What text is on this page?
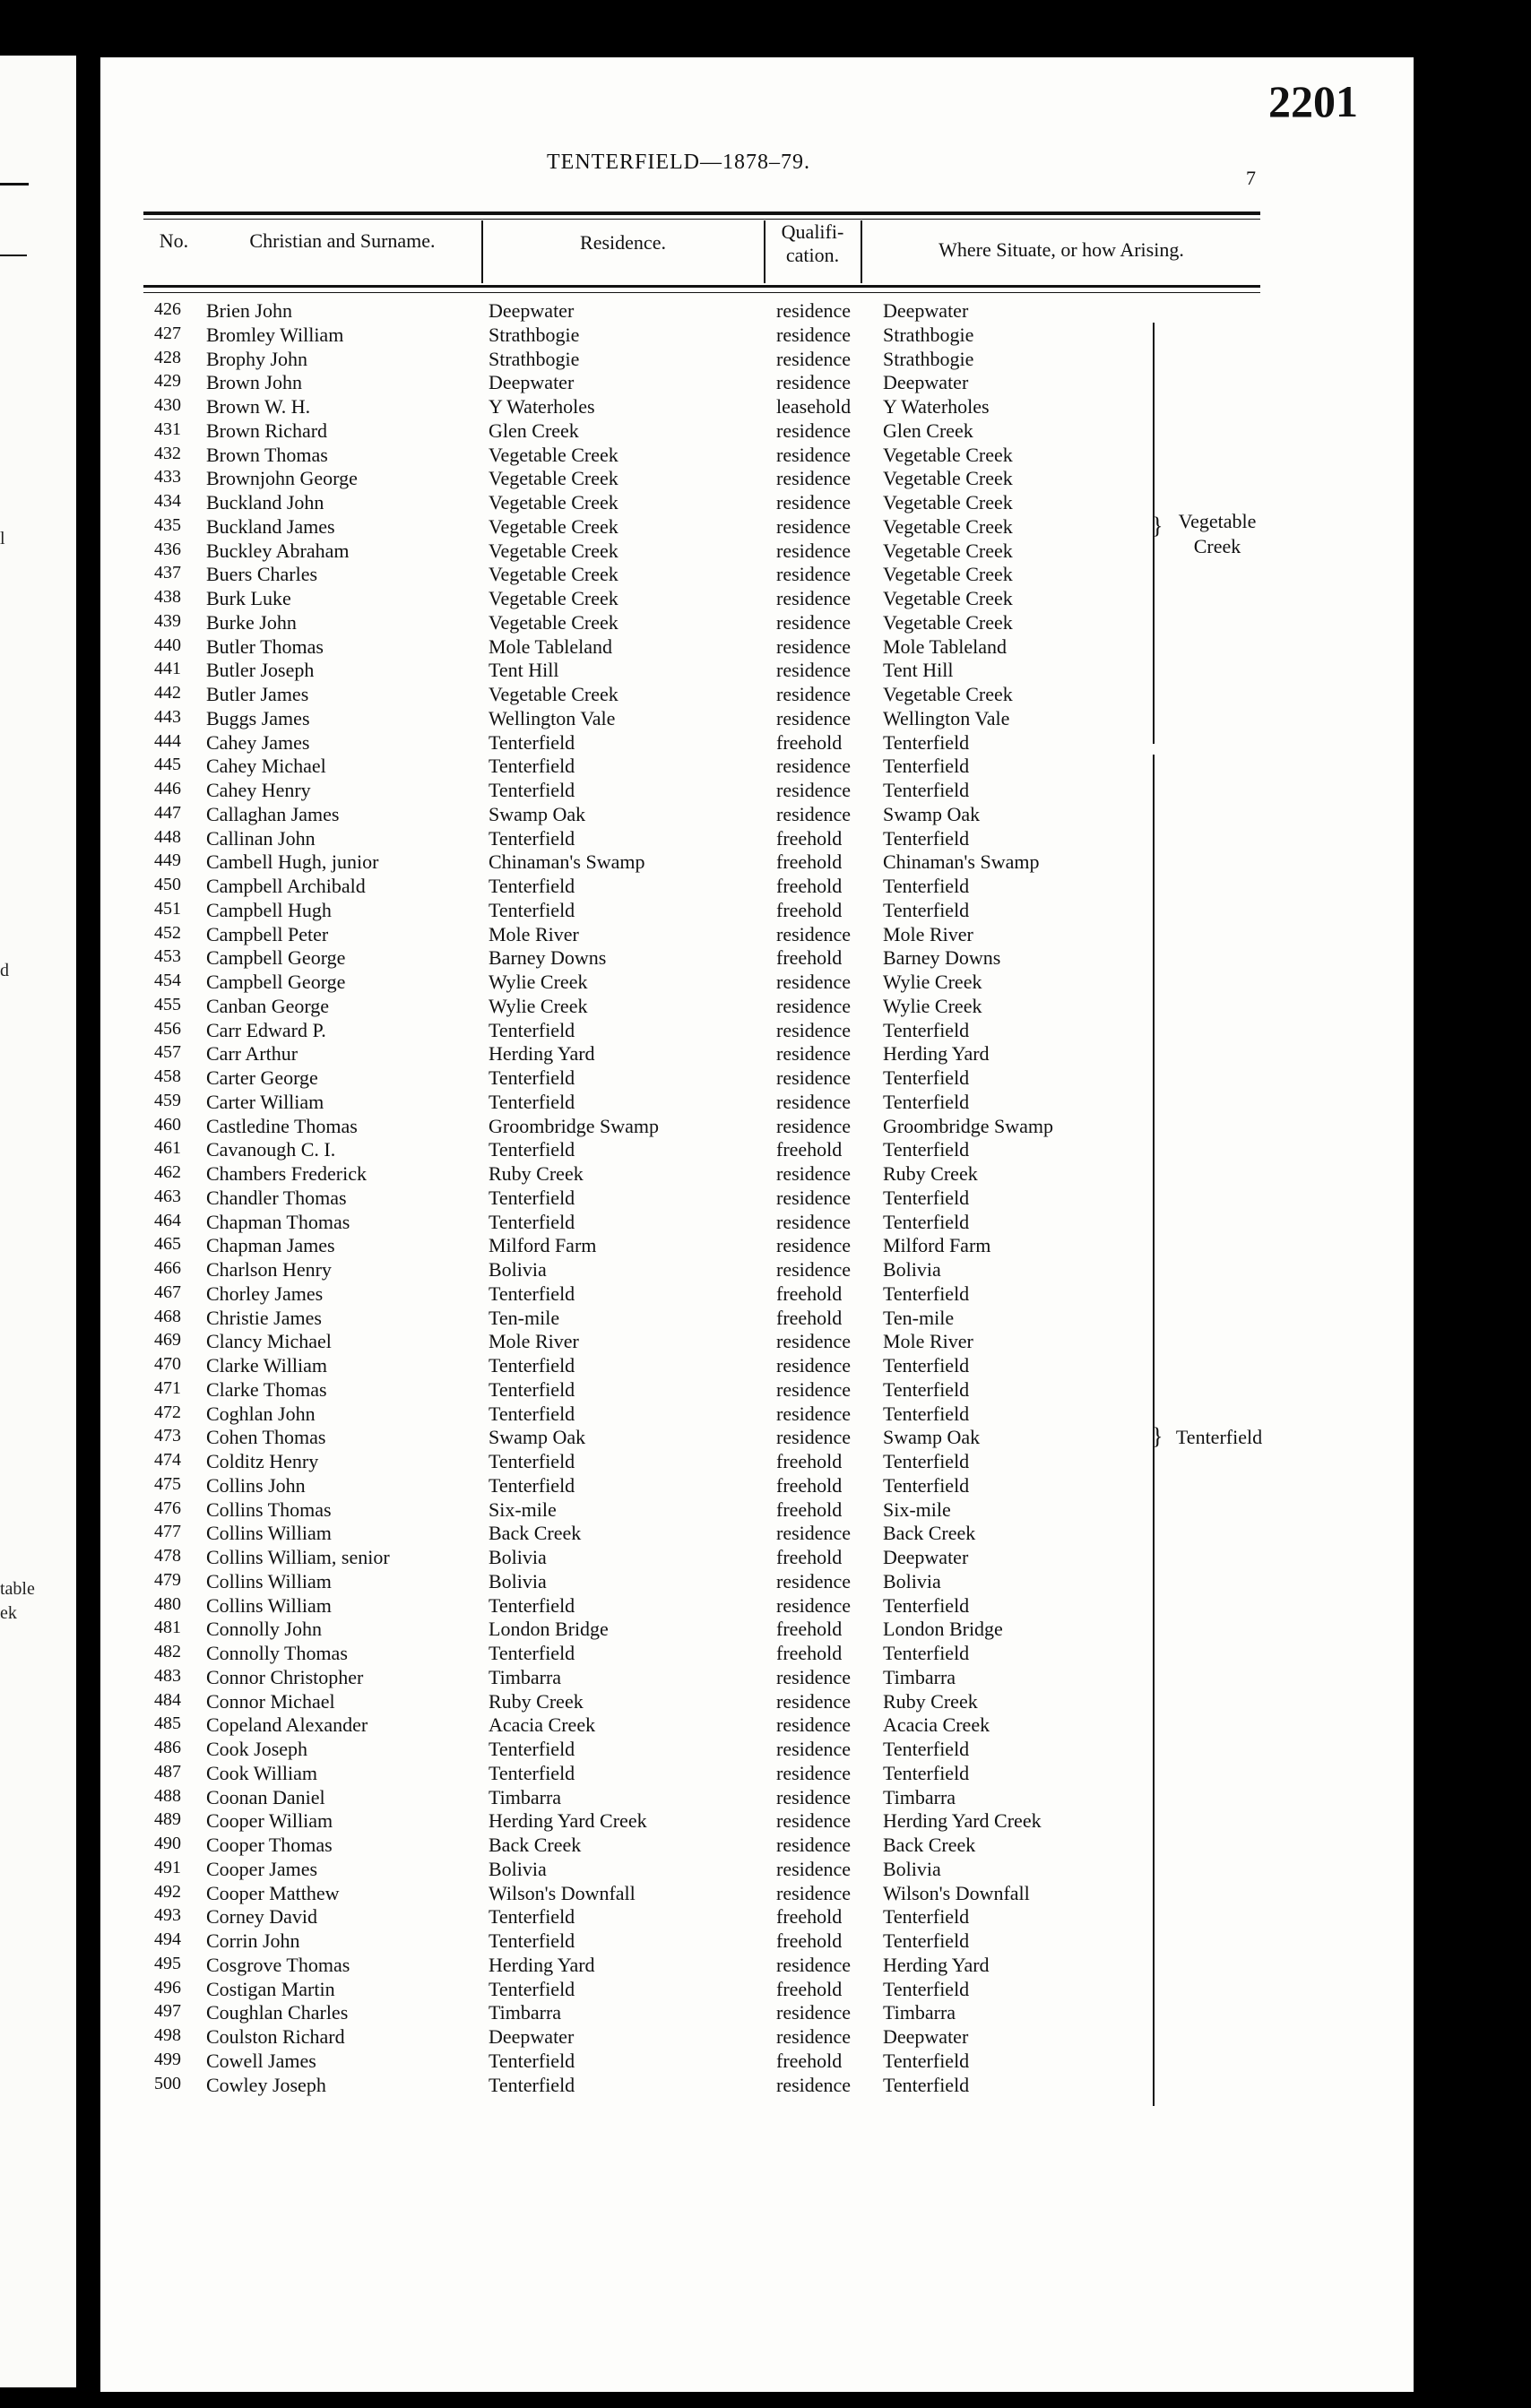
l
d
table
ek
426 Brien John	Deepwater	residence Deepwater
427 Bromley William	Strathbogie	residence Strathbogie
428 Brophy John	Strathbogie	residence Strathbogie
429 Brown John	Deepwater	residence Deepwater
430 Brown W. H.	Y Waterholes	leasehold Y Waterholes
431 Brown Richard	Glen Creek	residence Glen Creek
432 Brown Thomas	Vegetable Creek	residence Vegetable Creek
433 Brownjohn George	Vegetable Creek	residence Vegetable Creek
434 Buckland John	Vegetable Creek	residence Vegetable Creek
435 Buckland James	Vegetable Creek	residence Vegetable Creek
436 Buckley Abraham	Vegetable Creek	residence Vegetable Creek
437 Buers Charles	Vegetable Creek	residence Vegetable Creek
438 Burk Luke	Vegetable Creek	residence Vegetable Creek
439 Burke John	Vegetable Creek	residence Vegetable Creek
440 Butler Thomas	Mole Tableland	residence Mole Tableland
441 Butler Joseph	Tent Hill	residence Tent Hill
442 Butler James	Vegetable Creek	residence Vegetable Creek
443 Buggs James	Wellington Vale	residence Wellington Vale
444 Cahey James	Tenterfield	freehold Tenterfield
445 Cahey Michael	Tenterfield	residence Tenterfield
446 Cahey Henry	Tenterfield	residence Tenterfield
447 Callaghan James	Swamp Oak	residence Swamp Oak
448 Callinan John	Tenterfield	freehold Tenterfield
449 Cambell Hugh, junior	Chinaman's Swamp	freehold Chinaman's Swamp
450 Campbell Archibald	Tenterfield	freehold Tenterfield
451 Campbell Hugh	Tenterfield	freehold Tenterfield
452 Campbell Peter	Mole River	residence Mole River
453 Campbell George	Barney Downs	freehold Barney Downs
454 Campbell George	Wylie Creek	residence Wylie Creek
455 Canban George	Wylie Creek	residence Wylie Creek
456 Carr Edward P.	Tenterfield	residence Tenterfield
457 Carr Arthur	Herding Yard	residence Herding Yard
458 Carter George	Tenterfield	residence Tenterfield
459 Carter William	Tenterfield	residence Tenterfield
460 Castledine Thomas	Groombridge Swamp	residence Groombridge Swamp
461 Cavanough C. I.	Tenterfield	freehold Tenterfield
462 Chambers Frederick	Ruby Creek	residence Ruby Creek
463 Chandler Thomas	Tenterfield	residence Tenterfield
464 Chapman Thomas	Tenterfield	residence Tenterfield
465 Chapman James	Milford Farm	residence Milford Farm
466 Charlson Henry	Bolivia	residence Bolivia
467 Chorley James	Tenterfield	freehold Tenterfield
468 Christie James	Ten-mile	freehold Ten-mile
469 Clancy Michael	Mole River	residence Mole River
470 Clarke William	Tenterfield	residence Tenterfield
471 Clarke Thomas	Tenterfield	residence Tenterfield
472 Coghlan John	Tenterfield	residence Tenterfield
473 Cohen Thomas	Swamp Oak	residence Swamp Oak
474 Colditz Henry	Tenterfield	freehold Tenterfield
475 Collins John	Tenterfield	freehold Tenterfield
476 Collins Thomas	Six-mile	freehold Six-mile
477 Collins William	Back Creek	residence Back Creek
478 Collins William, senior	Bolivia	freehold Deepwater
479 Collins William	Bolivia	residence Bolivia
480 Collins William	Tenterfield	residence Tenterfield
481 Connolly John	London Bridge	freehold London Bridge
482 Connolly Thomas	Tenterfield	freehold Tenterfield
483 Connor Christopher	Timbarra	residence Timbarra
484 Connor Michael	Ruby Creek	residence Ruby Creek
485 Copeland Alexander	Acacia Creek	residence Acacia Creek
486 Cook Joseph	Tenterfield	residence Tenterfield
487 Cook William	Tenterfield	residence Tenterfield
488 Coonan Daniel	Timbarra	residence Timbarra
489 Cooper William	Herding Yard Creek	residence Herding Yard Creek
490 Cooper Thomas	Back Creek	residence Back Creek
491 Cooper James	Bolivia	residence Bolivia
492 Cooper Matthew	Wilson's Downfall	residence Wilson's Downfall
493 Corney David	Tenterfield	freehold Tenterfield
494 Corrin John	Tenterfield	freehold Tenterfield
495 Cosgrove Thomas	Herding Yard	residence Herding Yard
496 Costigan Martin	Tenterfield	freehold Tenterfield
497 Coughlan Charles	Timbarra	residence Timbarra
498 Coulston Richard	Deepwater	residence Deepwater
499 Cowell James	Tenterfield	freehold Tenterfield
500 Cowley Joseph	Tenterfield	residence Tenterfield
2201
TENTERFIELD—1878–79.
7
No.	Christian and Surname.	Residence.	Qualifi-
cation.	Where Situate, or how Arising.
} Vegetable
Creek
} Tenterfield
